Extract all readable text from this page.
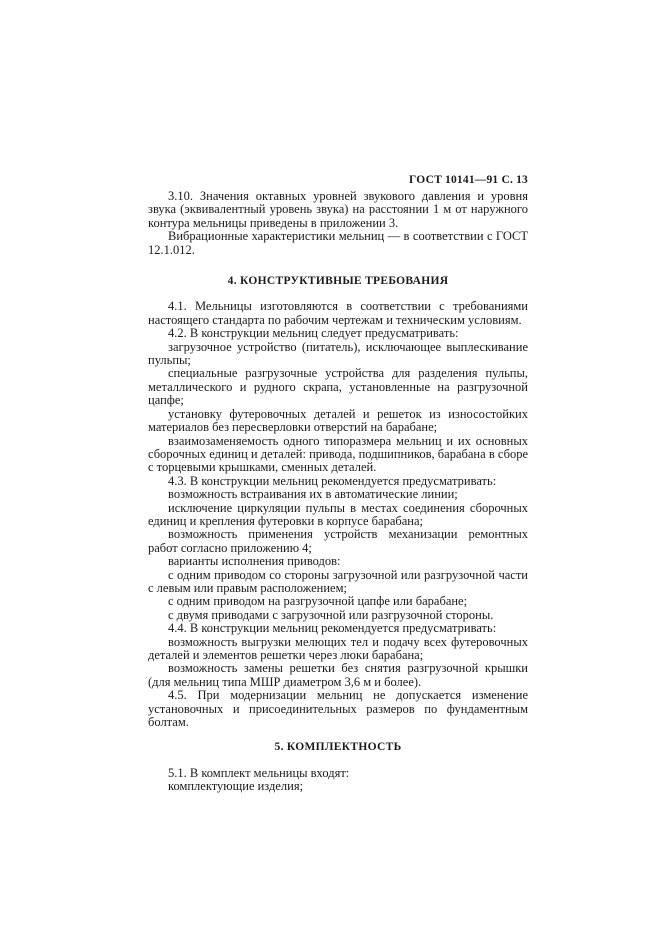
ГОСТ 10141—91 С. 13

3.10. Значения октавных уровней звукового давления и уровня звука (эквивалентный уровень звука) на расстоянии 1 м от наружного контура мельницы приведены в приложении 3.

Вибрационные характеристики мельниц — в соответствии с ГОСТ 12.1.012.

4. КОНСТРУКТИВНЫЕ ТРЕБОВАНИЯ

4.1. Мельницы изготовляются в соответствии с требованиями настоящего стандарта по рабочим чертежам и техническим условиям.

4.2. В конструкции мельниц следует предусматривать:

загрузочное устройство (питатель), исключающее выплескивание пульпы;

специальные разгрузочные устройства для разделения пульпы, металлического и рудного скрапа, установленные на разгрузочной цапфе;

установку футеровочных деталей и решеток из износостойких материалов без пересверловки отверстий на барабане;

взаимозаменяемость одного типоразмера мельниц и их основных сборочных единиц и деталей: привода, подшипников, барабана в сборе с торцевыми крышками, сменных деталей.

4.3. В конструкции мельниц рекомендуется предусматривать:

возможность встраивания их в автоматические линии;

исключение циркуляции пульпы в местах соединения сборочных единиц и крепления футеровки в корпусе барабана;

возможность применения устройств механизации ремонтных работ согласно приложению 4;

варианты исполнения приводов:

с одним приводом со стороны загрузочной или разгрузочной части с левым или правым расположением;

с одним приводом на разгрузочной цапфе или барабане;

с двумя приводами с загрузочной или разгрузочной стороны.

4.4. В конструкции мельниц рекомендуется предусматривать:

возможность выгрузки мелющих тел и подачу всех футеровочных деталей и элементов решетки через люки барабана;

возможность замены решетки без снятия разгрузочной крышки (для мельниц типа МШР диаметром 3,6 м и более).

4.5. При модернизации мельниц не допускается изменение установочных и присоединительных размеров по фундаментным болтам.

5. КОМПЛЕКТНОСТЬ

5.1. В комплект мельницы входят:

комплектующие изделия;
